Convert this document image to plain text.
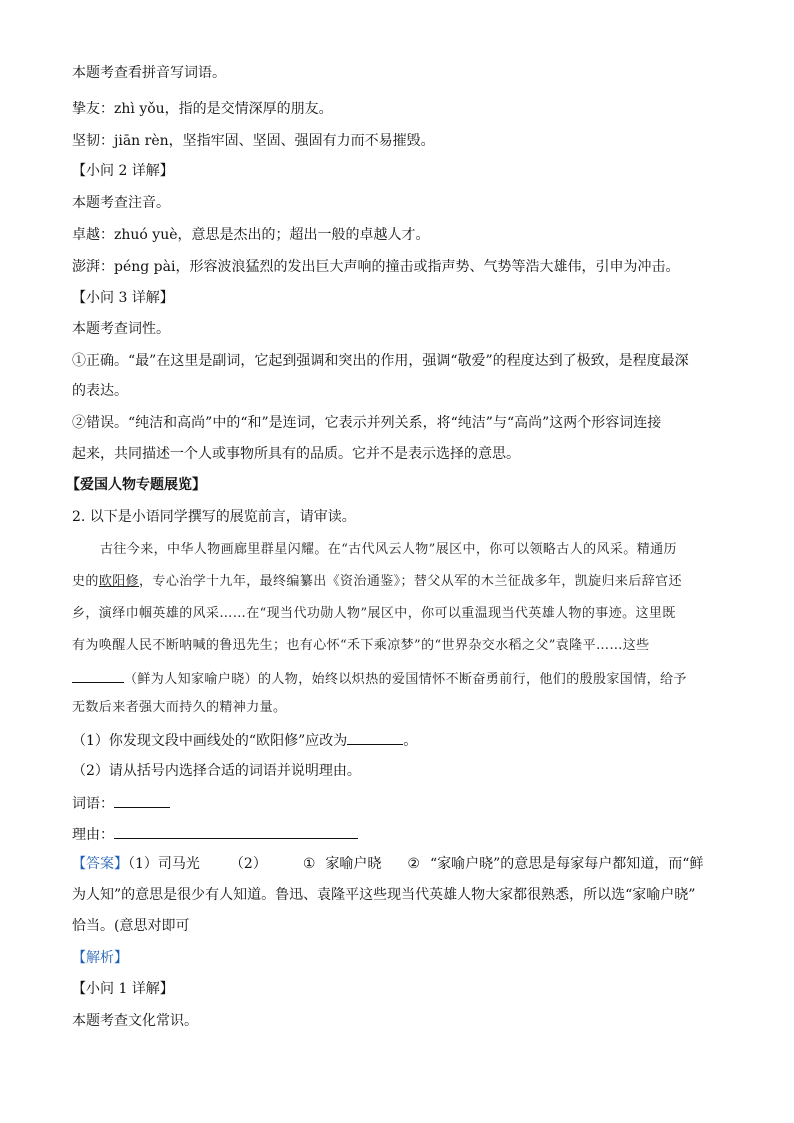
本题考查看拼音写词语。
挚友：zhì yǒu，指的是交情深厚的朋友。
坚韧：jiān rèn，坚指牢固、坚固、强固有力而不易摧毁。
【小问 2 详解】
本题考查注音。
卓越：zhuó yuè，意思是杰出的；超出一般的卓越人才。
澎湃：péng pài，形容波浪猛烈的发出巨大声响的撞击或指声势、气势等浩大雄伟，引申为冲击。
【小问 3 详解】
本题考查词性。
①正确。“最”在这里是副词，它起到强调和突出的作用，强调“敬爱”的程度达到了极致，是程度最深
的表达。
②错误。“纯洁和高尚”中的“和”是连词，它表示并列关系，将“纯洁”与“高尚”这两个形容词连接
起来，共同描述一个人或事物所具有的品质。它并不是表示选择的意思。
【爱国人物专题展览】
2. 以下是小语同学撰写的展览前言，请审读。
古往今来，中华人物画廊里群星闪耀。在“古代风云人物”展区中，你可以领略古人的风采。精通历
史的欧阳修，专心治学十九年，最终编纂出《资治通鉴》；替父从军的木兰征战多年，凯旋归来后辞官还
乡，演绎巾帼英雄的风采……在“现当代功勋人物”展区中，你可以重温现当代英雄人物的事迹。这里既
有为唤醒人民不断呐喊的鲁迅先生；也有心怀“禾下乘凉梦”的“世界杂交水稻之父”袁隆平……这些
（鲜为人知家喻户晓）的人物，始终以炽热的爱国情怀不断奋勇前行，他们的殷殷家国情，给予
无数后来者强大而持久的精神力量。
（1）你发现文段中画线处的“欧阳修”应改为	。
（2）请从括号内选择合适的词语并说明理由。
词语：
理由：
【答案】（1）司马光 （2）	① 家喻户晓 ② “家喻户晓”的意思是每家每户都知道，而“鲜
为人知”的意思是很少有人知道。鲁迅、袁隆平这些现当代英雄人物大家都很熟悉，所以选“家喻户晓”
恰当。(意思对即可
【解析】
【小问 1 详解】
本题考查文化常识。
